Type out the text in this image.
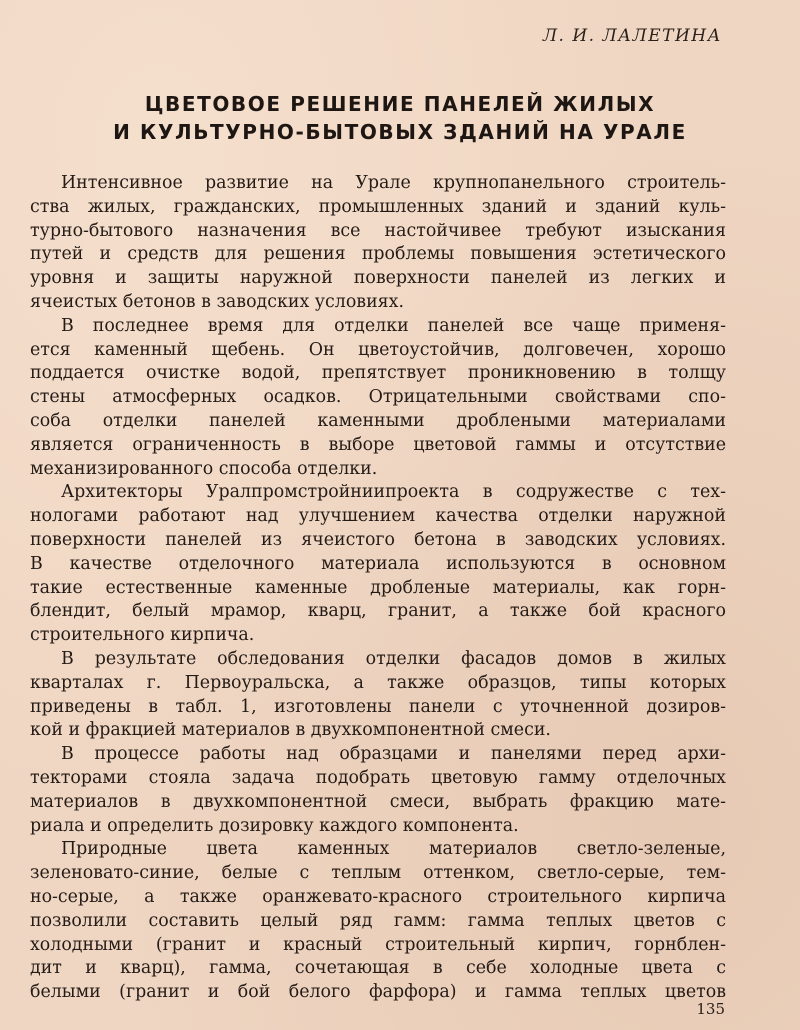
Л. И. ЛАЛЕТИНА
ЦВЕТОВОЕ РЕШЕНИЕ ПАНЕЛЕЙ ЖИЛЫХ
И КУЛЬТУРНО-БЫТОВЫХ ЗДАНИЙ НА УРАЛЕ
Интенсивное развитие на Урале крупнопанельного строитель-
ства жилых, гражданских, промышленных зданий и зданий куль-
турно-бытового назначения все настойчивее требуют изыскания
путей и средств для решения проблемы повышения эстетического
уровня и защиты наружной поверхности панелей из легких и
ячеистых бетонов в заводских условиях.
В последнее время для отделки панелей все чаще применя-
ется каменный щебень. Он цветоустойчив, долговечен, хорошо
поддается очистке водой, препятствует проникновению в толщу
стены атмосферных осадков. Отрицательными свойствами спо-
соба отделки панелей каменными дроблеными материалами
является ограниченность в выборе цветовой гаммы и отсутствие
механизированного способа отделки.
Архитекторы Уралпромстройниипроекта в содружестве с тех-
нологами работают над улучшением качества отделки наружной
поверхности панелей из ячеистого бетона в заводских условиях.
В качестве отделочного материала используются в основном
такие естественные каменные дробленые материалы, как горн-
блендит, белый мрамор, кварц, гранит, а также бой красного
строительного кирпича.
В результате обследования отделки фасадов домов в жилых
кварталах г. Первоуральска, а также образцов, типы которых
приведены в табл. 1, изготовлены панели с уточненной дозиров-
кой и фракцией материалов в двухкомпонентной смеси.
В процессе работы над образцами и панелями перед архи-
текторами стояла задача подобрать цветовую гамму отделочных
материалов в двухкомпонентной смеси, выбрать фракцию мате-
риала и определить дозировку каждого компонента.
Природные цвета каменных материалов светло-зеленые,
зеленовато-синие, белые с теплым оттенком, светло-серые, тем-
но-серые, а также оранжевато-красного строительного кирпича
позволили составить целый ряд гамм: гамма теплых цветов с
холодными (гранит и красный строительный кирпич, горнблен-
дит и кварц), гамма, сочетающая в себе холодные цвета с
белыми (гранит и бой белого фарфора) и гамма теплых цветов
135
